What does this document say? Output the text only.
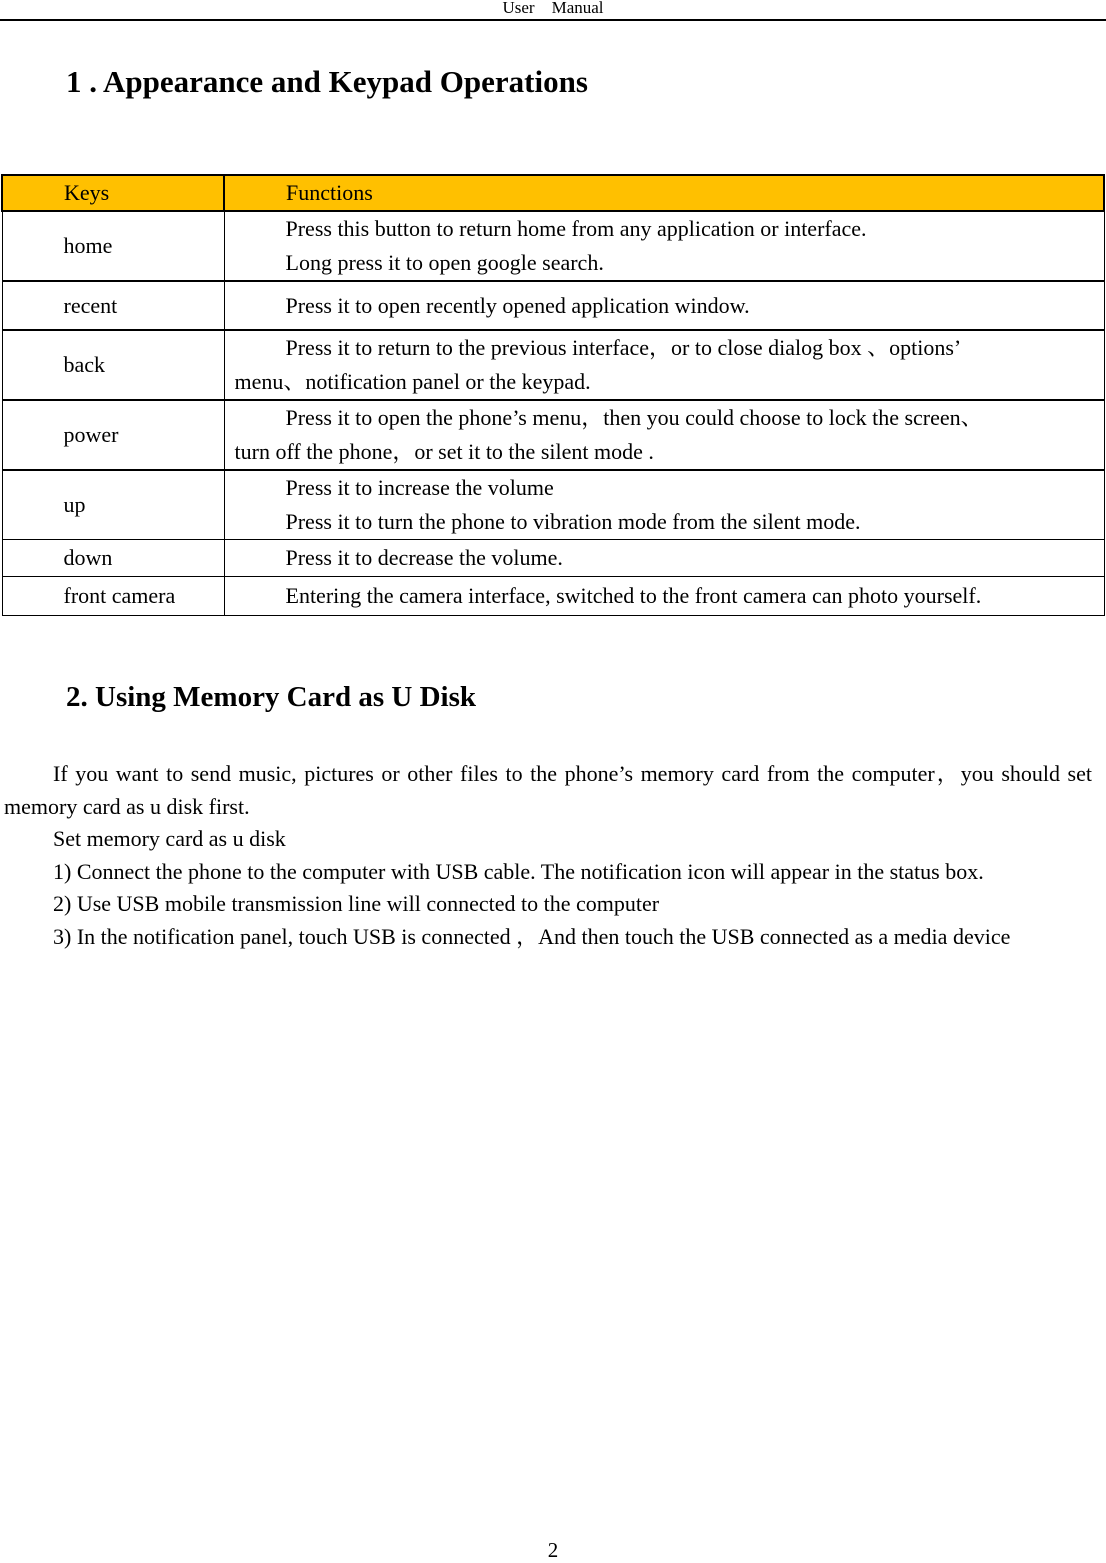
User Manual
1 . Appearance and Keypad Operations
Keys	Functions

home	Press this button to return home from any application or interface.
Long press it to open google search.

recent	Press it to open recently opened application window.

back	Press it to return to the previous interface，or to close dialog box 、options’
menu、notification panel or the keypad.

power	Press it to open the phone’s menu，then you could choose to lock the screen、
turn off the phone，or set it to the silent mode .

up	Press it to increase the volume
Press it to turn the phone to vibration mode from the silent mode.

down	Press it to decrease the volume.

front camera	Entering the camera interface, switched to the front camera can photo yourself.
2. Using Memory Card as U Disk

If you want to send music, pictures or other files to the phone’s memory card from the computer，you should set memory card as u disk first.

Set memory card as u disk

1) Connect the phone to the computer with USB cable. The notification icon will appear in the status box.

2) Use USB mobile transmission line will connected to the computer

3) In the notification panel, touch USB is connected ，And then touch the USB connected as a media device

2
